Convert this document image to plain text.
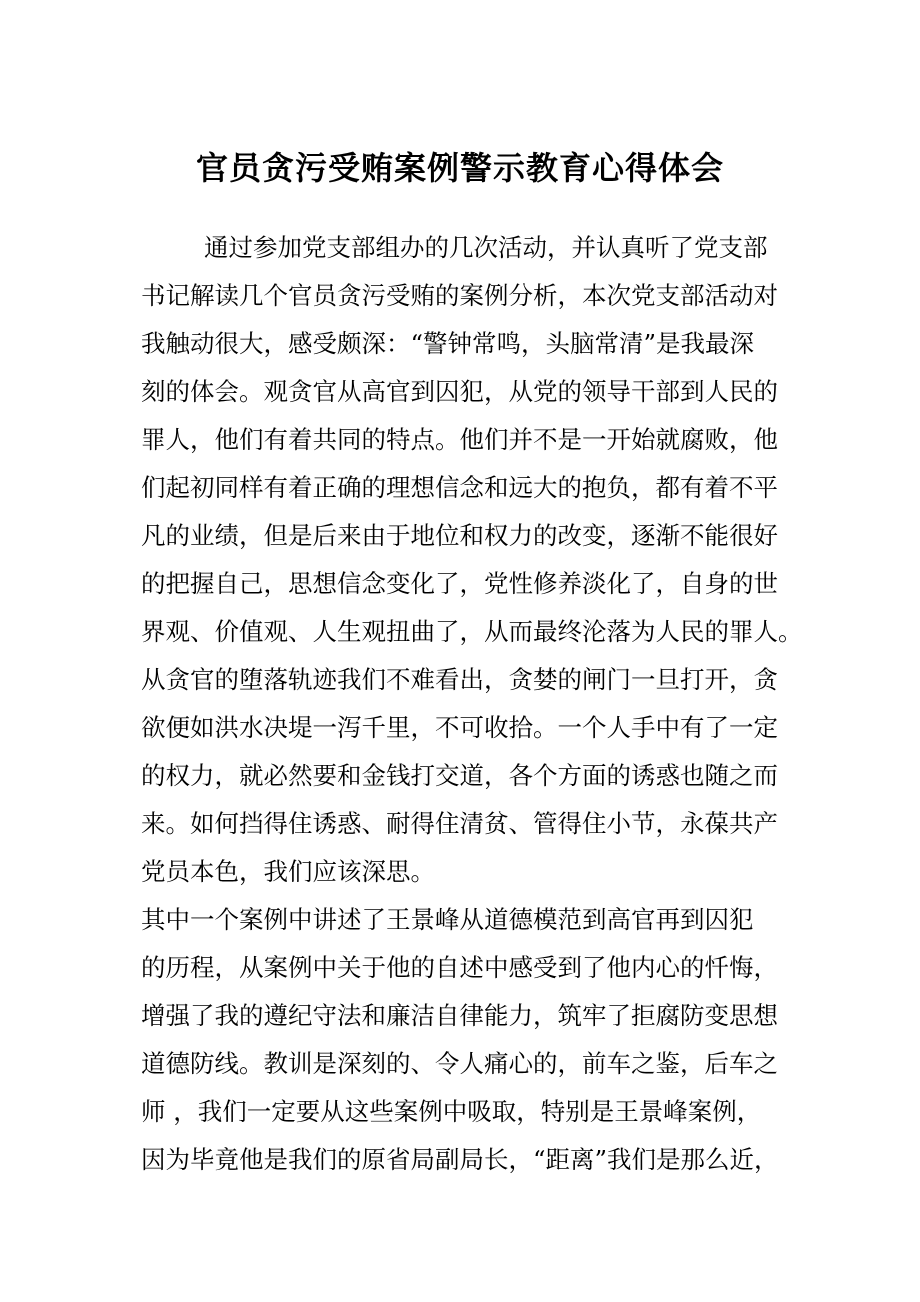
官员贪污受贿案例警示教育心得体会
通过参加党支部组办的几次活动，并认真听了党支部
书记解读几个官员贪污受贿的案例分析，本次党支部活动对
我触动很大，感受颇深：“警钟常鸣，头脑常清”是我最深
刻的体会。观贪官从高官到囚犯，从党的领导干部到人民的
罪人，他们有着共同的特点。他们并不是一开始就腐败，他
们起初同样有着正确的理想信念和远大的抱负，都有着不平
凡的业绩，但是后来由于地位和权力的改变，逐渐不能很好
的把握自己，思想信念变化了，党性修养淡化了，自身的世
界观、价值观、人生观扭曲了，从而最终沦落为人民的罪人。
从贪官的堕落轨迹我们不难看出，贪婪的闸门一旦打开，贪
欲便如洪水决堤一泻千里，不可收拾。一个人手中有了一定
的权力，就必然要和金钱打交道，各个方面的诱惑也随之而
来。如何挡得住诱惑、耐得住清贫、管得住小节，永葆共产
党员本色，我们应该深思。
其中一个案例中讲述了王景峰从道德模范到高官再到囚犯
的历程，从案例中关于他的自述中感受到了他内心的忏悔，
增强了我的遵纪守法和廉洁自律能力，筑牢了拒腐防变思想
道德防线。教训是深刻的、令人痛心的，前车之鉴，后车之
师 ，我们一定要从这些案例中吸取，特别是王景峰案例，
因为毕竟他是我们的原省局副局长，“距离”我们是那么近，
